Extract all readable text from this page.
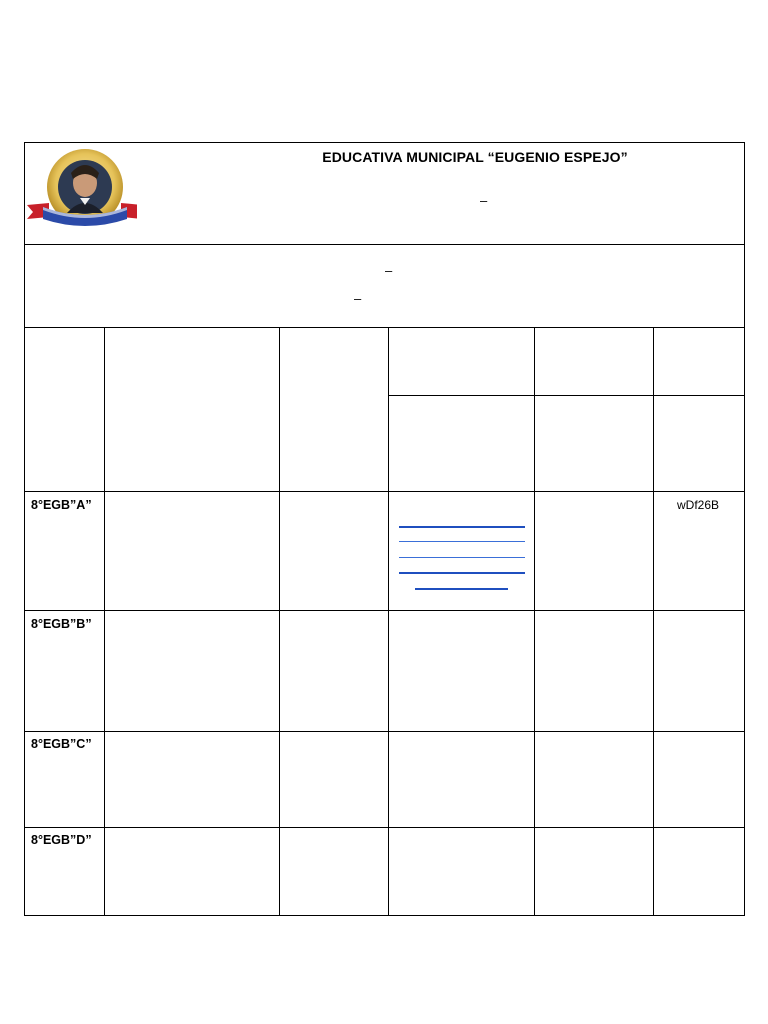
EDUCATIVA MUNICIPAL “EUGENIO ESPEJO”
–
–
–
8°EGB”A”
8°EGB”B”
8°EGB”C”
8°EGB”D”
wDf26B
